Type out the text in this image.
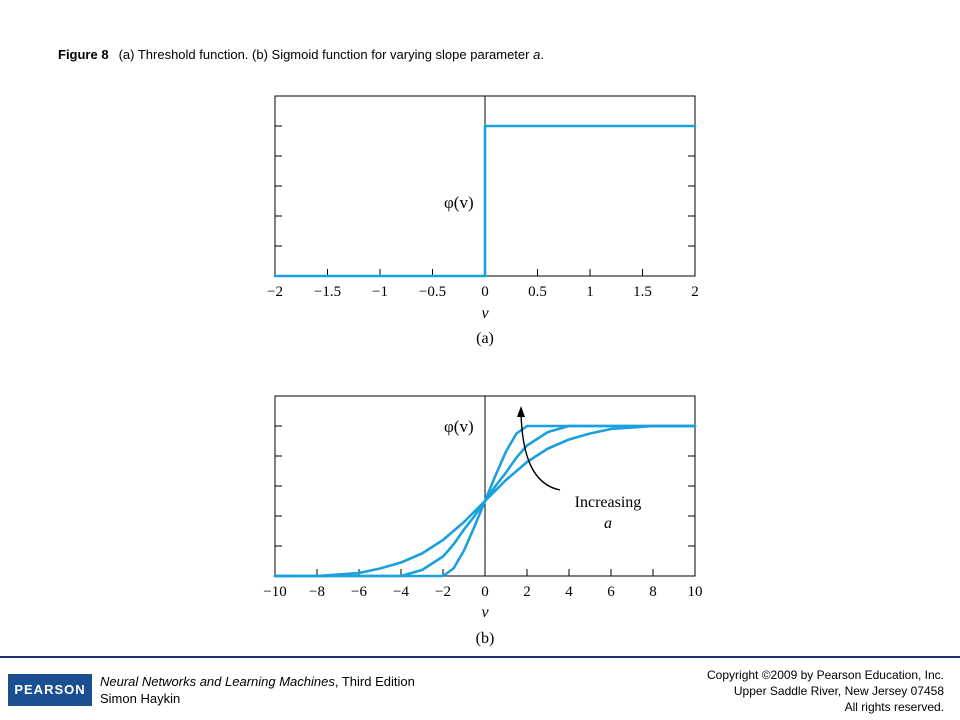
Figure 8 (a) Threshold function. (b) Sigmoid function for varying slope parameter a.
φ(v)
v
(a)
−2 −1.5 −1 −0.5 0	0.5	1	1.5	2
φ(v)
v
(b)
−10 −8 −6 −4 −2 0 2 4 6 8 10
Increasing
a
PEARSON
Neural Networks and Learning Machines, Third Edition
Simon Haykin
Copyright ©2009 by Pearson Education, Inc.
Upper Saddle River, New Jersey 07458
All rights reserved.
